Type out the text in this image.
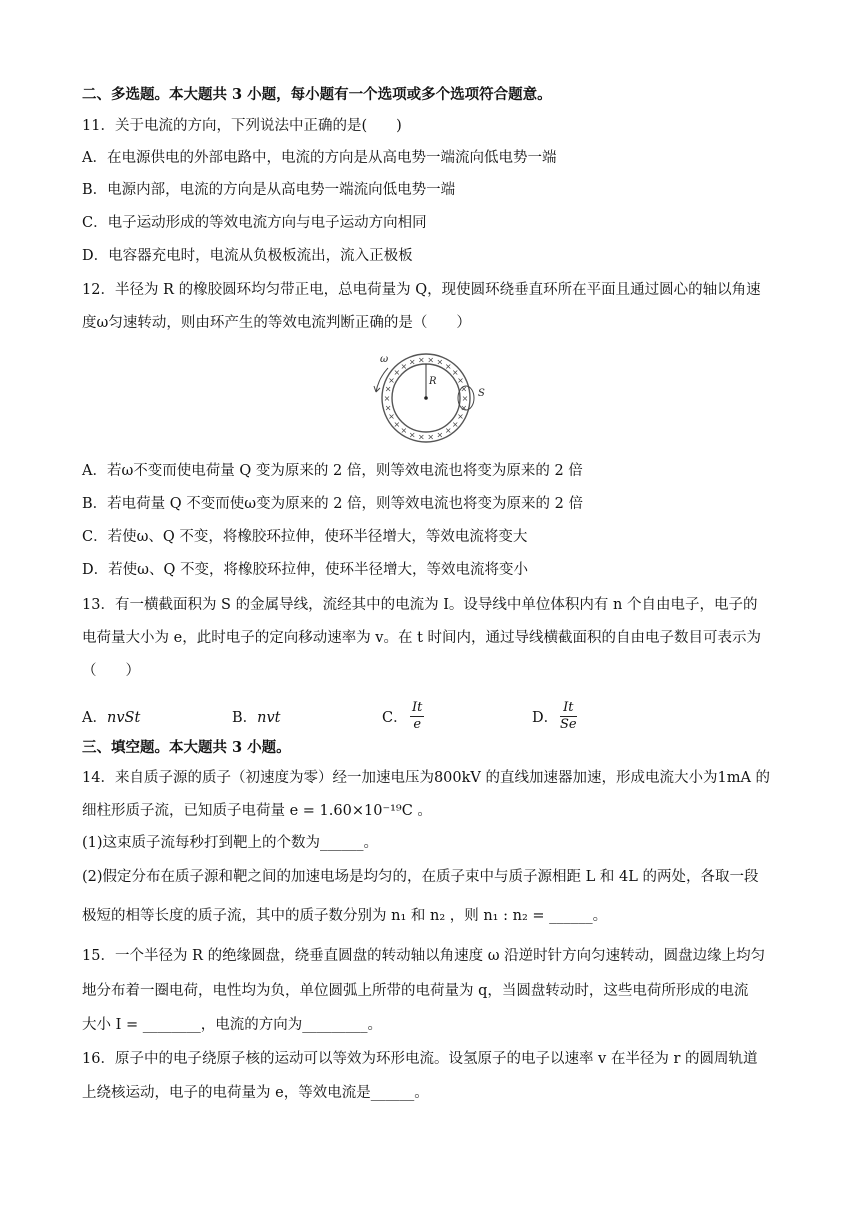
二、多选题。本大题共 3 小题，每小题有一个选项或多个选项符合题意。
11．关于电流的方向，下列说法中正确的是(　　)
A．在电源供电的外部电路中，电流的方向是从高电势一端流向低电势一端
B．电源内部，电流的方向是从高电势一端流向低电势一端
C．电子运动形成的等效电流方向与电子运动方向相同
D．电容器充电时，电流从负极板流出，流入正极板
12．半径为 R 的橡胶圆环均匀带正电，总电荷量为 Q，现使圆环绕垂直环所在平面且通过圆心的轴以角速
度ω匀速转动，则由环产生的等效电流判断正确的是（　　）
×
×
×
×
×
×
×
×
×
×
×
×
×
×
×
×
×
× × × × × ×
×
×
×
ω
R
S
A．若ω不变而使电荷量 Q 变为原来的 2 倍，则等效电流也将变为原来的 2 倍
B．若电荷量 Q 不变而使ω变为原来的 2 倍，则等效电流也将变为原来的 2 倍
C．若使ω、Q 不变，将橡胶环拉伸，使环半径增大，等效电流将变大
D．若使ω、Q 不变，将橡胶环拉伸，使环半径增大，等效电流将变小
13．有一横截面积为 S 的金属导线，流经其中的电流为 I。设导线中单位体积内有 n 个自由电子，电子的
电荷量大小为 e，此时电子的定向移动速率为 v。在 t 时间内，通过导线横截面积的自由电子数目可表示为
（　　）
A．nvSt	B．nvt	C． $\frac{It}{e}$	D． $\frac{It}{Se}$
三、填空题。本大题共 3 小题。
14．来自质子源的质子（初速度为零）经一加速电压为800kV 的直线加速器加速，形成电流大小为1mA 的
细柱形质子流，已知质子电荷量 e = 1.60×10⁻¹⁹C 。
(1)这束质子流每秒打到靶上的个数为______。
(2)假定分布在质子源和靶之间的加速电场是均匀的，在质子束中与质子源相距 L 和 4L 的两处，各取一段
极短的相等长度的质子流，其中的质子数分别为 n₁ 和 n₂ ，则 n₁ : n₂ = ______。
15．一个半径为 R 的绝缘圆盘，绕垂直圆盘的转动轴以角速度 ω 沿逆时针方向匀速转动，圆盘边缘上均匀
地分布着一圈电荷，电性均为负，单位圆弧上所带的电荷量为 q，当圆盘转动时，这些电荷所形成的电流
大小 I = ________，电流的方向为_________。
16．原子中的电子绕原子核的运动可以等效为环形电流。设氢原子的电子以速率 v 在半径为 r 的圆周轨道
上绕核运动，电子的电荷量为 e，等效电流是______。
